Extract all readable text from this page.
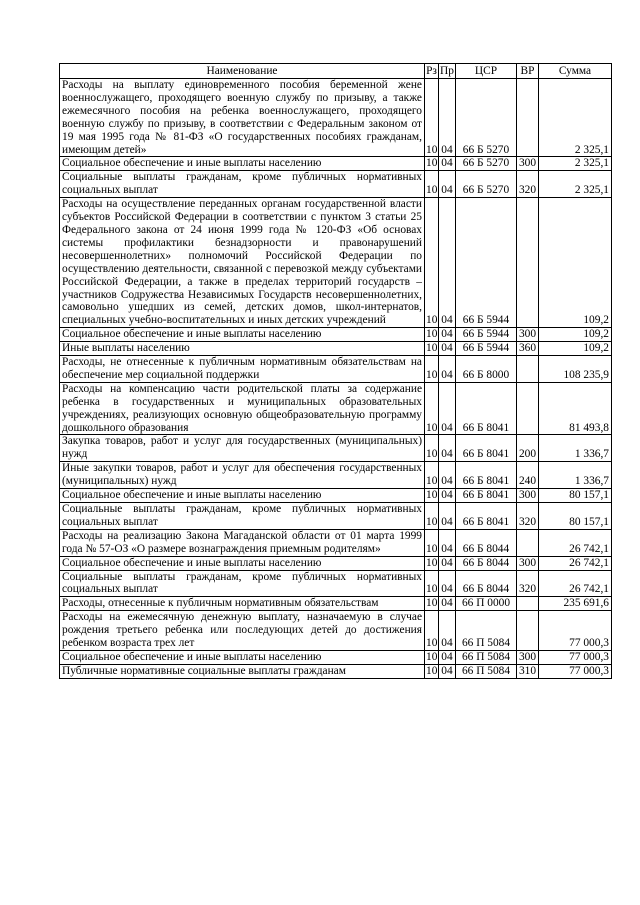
Наименование	Рз	Пр	ЦСР	ВР	Сумма
Расходы на выплату единовременного пособия беременной жене военнослужащего, проходящего военную службу по призыву, а также ежемесячного пособия на ребенка военнослужащего, проходящего военную службу по призыву, в соответствии с Федеральным законом от 19 мая 1995 года № 81-ФЗ «О государственных пособиях гражданам, имеющим детей»	10	04	66 Б 5270		2 325,1
Социальное обеспечение и иные выплаты населению	10	04	66 Б 5270	300	2 325,1
Социальные выплаты гражданам, кроме публичных нормативных социальных выплат	10	04	66 Б 5270	320	2 325,1
Расходы на осуществление переданных органам государственной власти субъектов Российской Федерации в соответствии с пунктом 3 статьи 25 Федерального закона от 24 июня 1999 года № 120-ФЗ «Об основах системы профилактики безнадзорности и правонарушений несовершеннолетних» полномочий Российской Федерации по осуществлению деятельности, связанной с перевозкой между субъектами Российской Федерации, а также в пределах территорий государств – участников Содружества Независимых Государств несовершеннолетних, самовольно ушедших из семей, детских домов, школ-интернатов, специальных учебно-воспитательных и иных детских учреждений	10	04	66 Б 5944		109,2
Социальное обеспечение и иные выплаты населению	10	04	66 Б 5944	300	109,2
Иные выплаты населению	10	04	66 Б 5944	360	109,2
Расходы, не отнесенные к публичным нормативным обязательствам на обеспечение мер социальной поддержки	10	04	66 Б 8000		108 235,9
Расходы на компенсацию части родительской платы за содержание ребенка в государственных и муниципальных образовательных учреждениях, реализующих основную общеобразовательную программу дошкольного образования	10	04	66 Б 8041		81 493,8
Закупка товаров, работ и услуг для государственных (муниципальных) нужд	10	04	66 Б 8041	200	1 336,7
Иные закупки товаров, работ и услуг для обеспечения государственных (муниципальных) нужд	10	04	66 Б 8041	240	1 336,7
Социальное обеспечение и иные выплаты населению	10	04	66 Б 8041	300	80 157,1
Социальные выплаты гражданам, кроме публичных нормативных социальных выплат	10	04	66 Б 8041	320	80 157,1
Расходы на реализацию Закона Магаданской области от 01 марта 1999 года № 57-ОЗ «О размере вознаграждения приемным родителям»	10	04	66 Б 8044		26 742,1
Социальное обеспечение и иные выплаты населению	10	04	66 Б 8044	300	26 742,1
Социальные выплаты гражданам, кроме публичных нормативных социальных выплат	10	04	66 Б 8044	320	26 742,1
Расходы, отнесенные к публичным нормативным обязательствам	10	04	66 П 0000		235 691,6
Расходы на ежемесячную денежную выплату, назначаемую в случае рождения третьего ребенка или последующих детей до достижения ребенком возраста трех лет	10	04	66 П 5084		77 000,3
Социальное обеспечение и иные выплаты населению	10	04	66 П 5084	300	77 000,3
Публичные нормативные социальные выплаты гражданам	10	04	66 П 5084	310	77 000,3
